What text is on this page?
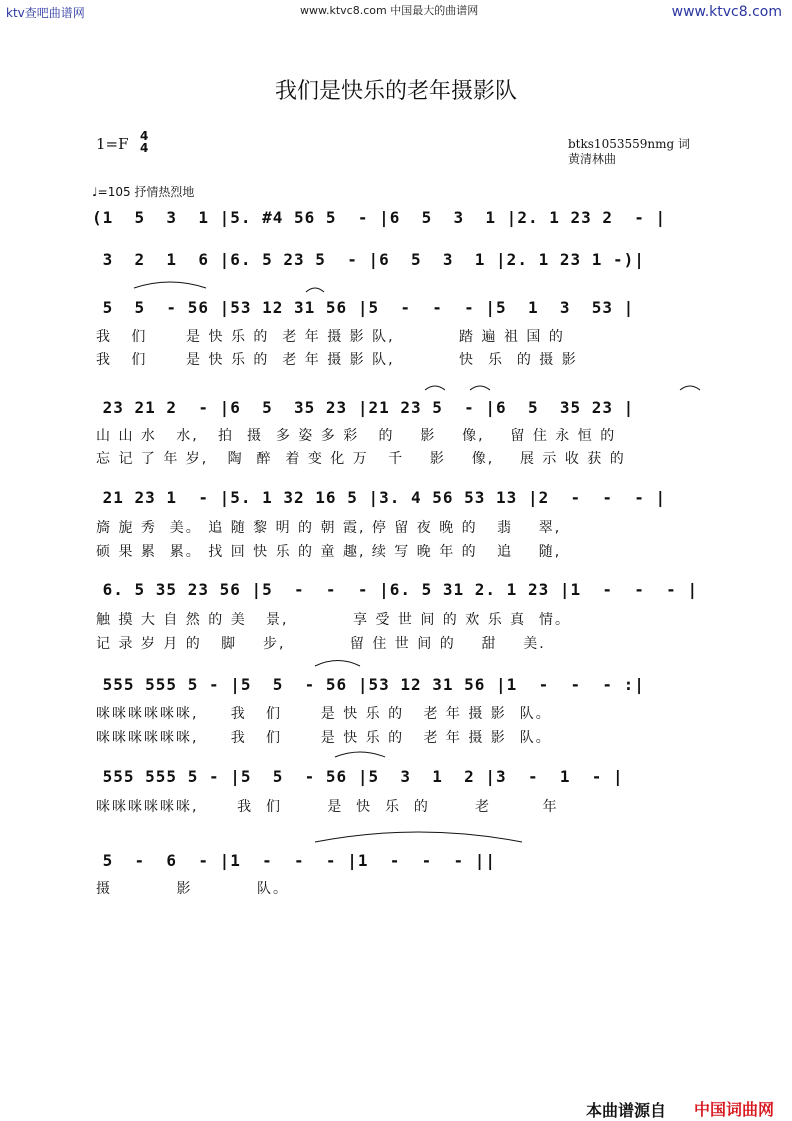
ktv查吧曲谱网	www.ktvc8.com 中国最大的曲谱网	www.ktvc8.com
我们是快乐的老年摄影队
1=F 4
4	btks1053559nmg 词
黄清林曲
♩=105 抒情热烈地
(1  5  3  1 |5. #4 56 5  - |6  5  3  1 |2. 1 23 2  - |
3  2  1  6 |6. 5 23 5  - |6  5  3  1 |2. 1 23 1 -)|
5  5  - 56 |53 12 31 56 |5  -  -  - |5  1  3  53 |
我   们      是 快 乐 的  老 年 摄 影 队,          踏 遍 祖 国 的
我   们      是 快 乐 的  老 年 摄 影 队,          快  乐  的 摄 影
23 21 2  - |6  5  35 23 |21 23 5  - |6  5  35 23 |
山 山 水   水,   拍  摄  多 姿 多 彩   的    影    像,    留 住 永 恒 的
忘 记 了 年 岁,   陶  醉  着 变 化 万   千    影    像,    展 示 收 获 的
21 23 1  - |5. 1 32 16 5 |3. 4 56 53 13 |2  -  -  - |
旖 旎 秀  美。 追 随 黎 明 的 朝 霞, 停 留 夜 晚 的   翡    翠,
硕 果 累  累。 找 回 快 乐 的 童 趣, 续 写 晚 年 的   追    随,
6. 5 35 23 56 |5  -  -  - |6. 5 31 2. 1 23 |1  -  -  - |
触 摸 大 自 然 的 美   景,          享 受 世 间 的 欢 乐 真  情。
记 录 岁 月 的   脚    步,          留 住 世 间 的    甜    美.
555 555 5 - |5  5  - 56 |53 12 31 56 |1  -  -  - :|
咪咪咪咪咪咪,     我   们      是 快 乐 的   老 年 摄 影  队。
咪咪咪咪咪咪,     我   们      是 快 乐 的   老 年 摄 影  队。
555 555 5 - |5  5  - 56 |5  3  1  2 |3  -  1  - |
咪咪咪咪咪咪,      我  们       是  快  乐  的       老        年
5  -  6  - |1  -  -  - |1  -  -  - ||
摄          影          队。
本曲谱源自 中国词曲网
